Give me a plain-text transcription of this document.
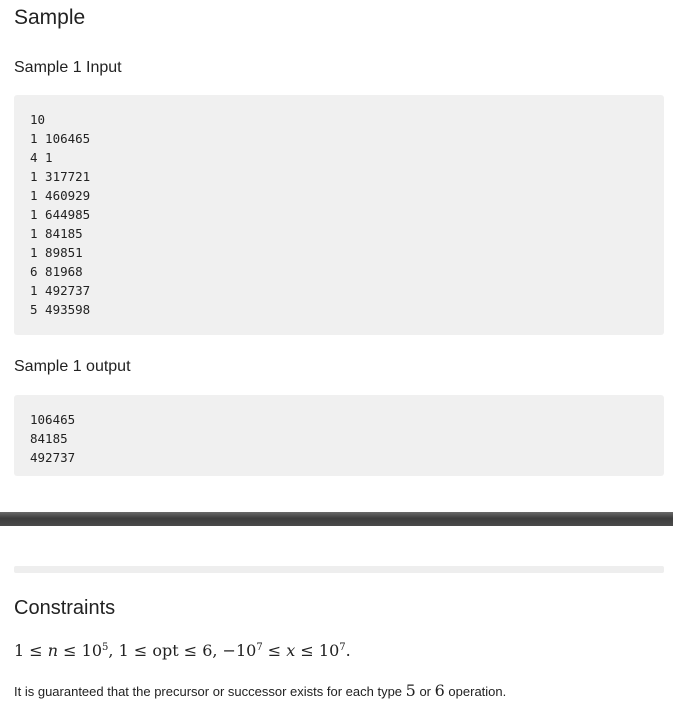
Sample
Sample 1 Input
10
1 106465
4 1
1 317721
1 460929
1 644985
1 84185
1 89851
6 81968
1 492737
5 493598
Sample 1 output
106465
84185
492737
Constraints
$1 \le n \le 10^5$, 1 ≤ opt ≤ 6, $-10^7 \le x \le 10^7$.
It is guaranteed that the precursor or successor exists for each type 5 or 6 operation.
